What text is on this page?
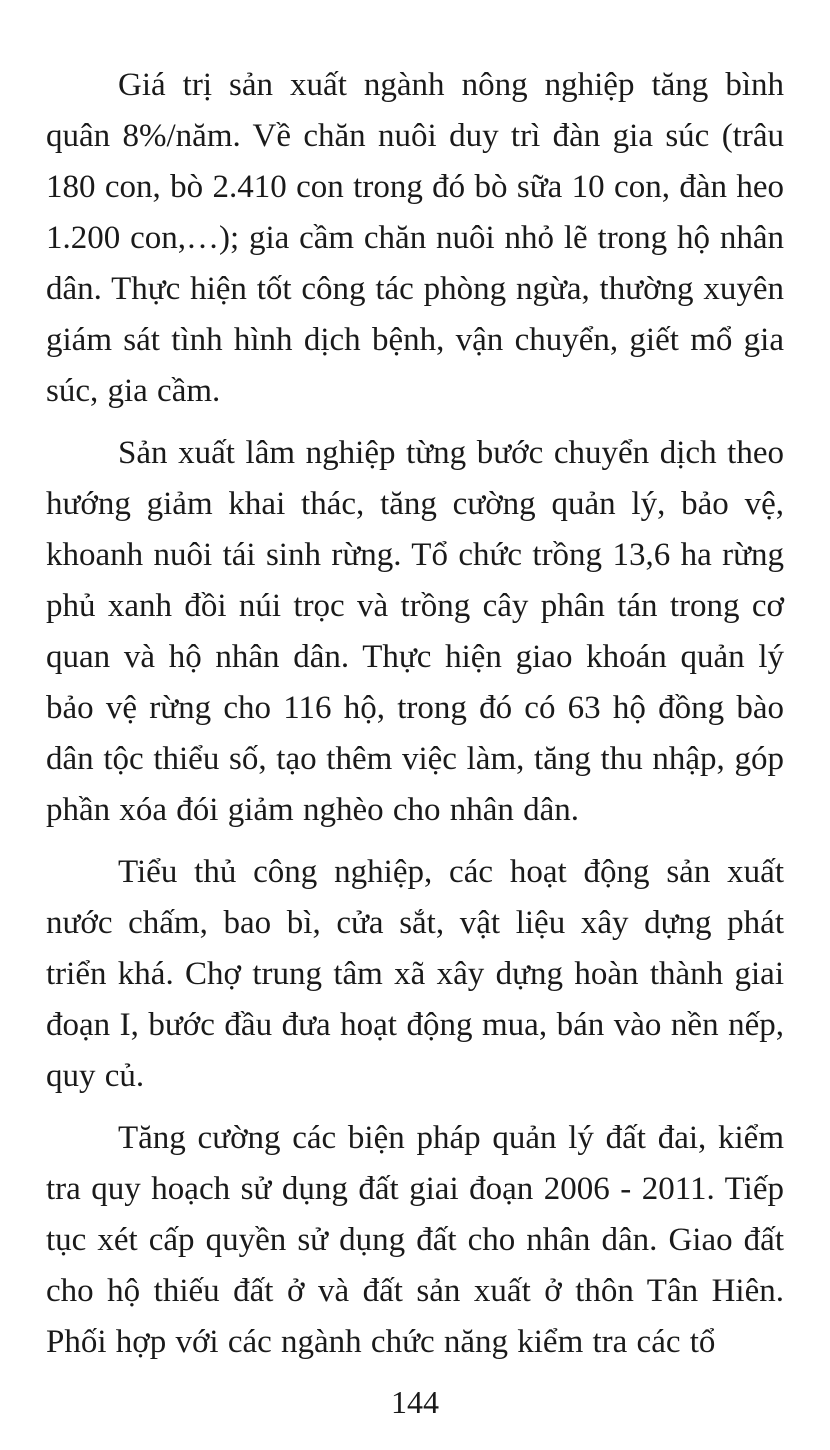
Giá trị sản xuất ngành nông nghiệp tăng bình quân 8%/năm. Về chăn nuôi duy trì đàn gia súc (trâu 180 con, bò 2.410 con trong đó bò sữa 10 con, đàn heo 1.200 con,…); gia cầm chăn nuôi nhỏ lẽ trong hộ nhân dân. Thực hiện tốt công tác phòng ngừa, thường xuyên giám sát tình hình dịch bệnh, vận chuyển, giết mổ gia súc, gia cầm.

Sản xuất lâm nghiệp từng bước chuyển dịch theo hướng giảm khai thác, tăng cường quản lý, bảo vệ, khoanh nuôi tái sinh rừng. Tổ chức trồng 13,6 ha rừng phủ xanh đồi núi trọc và trồng cây phân tán trong cơ quan và hộ nhân dân. Thực hiện giao khoán quản lý bảo vệ rừng cho 116 hộ, trong đó có 63 hộ đồng bào dân tộc thiểu số, tạo thêm việc làm, tăng thu nhập, góp phần xóa đói giảm nghèo cho nhân dân.

Tiểu thủ công nghiệp, các hoạt động sản xuất nước chấm, bao bì, cửa sắt, vật liệu xây dựng phát triển khá. Chợ trung tâm xã xây dựng hoàn thành giai đoạn I, bước đầu đưa hoạt động mua, bán vào nền nếp, quy củ.

Tăng cường các biện pháp quản lý đất đai, kiểm tra quy hoạch sử dụng đất giai đoạn 2006 - 2011. Tiếp tục xét cấp quyền sử dụng đất cho nhân dân. Giao đất cho hộ thiếu đất ở và đất sản xuất ở thôn Tân Hiên. Phối hợp với các ngành chức năng kiểm tra các tổ

144
